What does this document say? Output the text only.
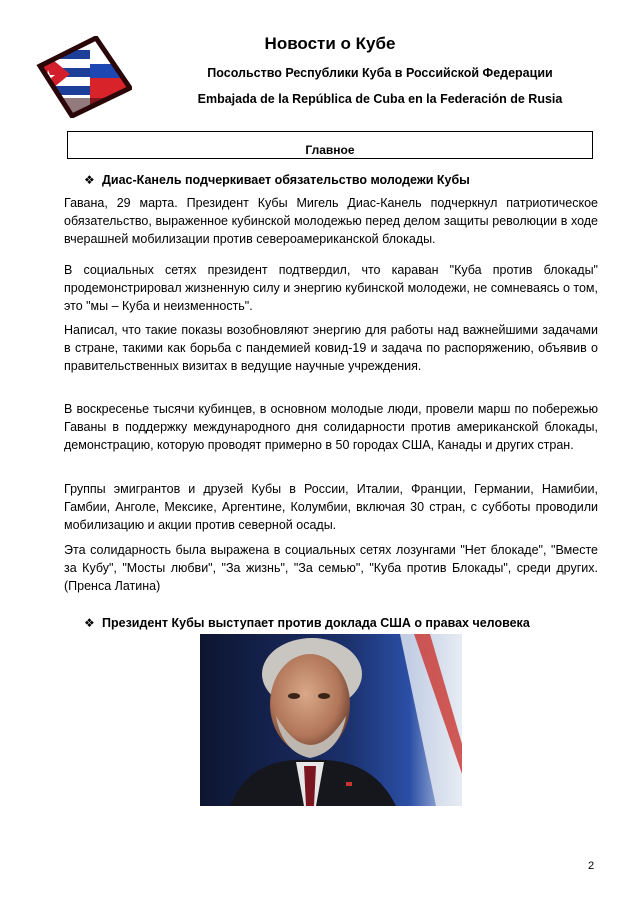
Новости о Кубе
Посольство Республики Куба в Российской Федерации
Embajada de la República de Cuba en la Federación de Rusia
Главное
❖ Диас-Канель подчеркивает обязательство молодежи Кубы

Гавана, 29 марта. Президент Кубы Мигель Диас-Канель подчеркнул патриотическое обязательство, выраженное кубинской молодежью перед делом защиты революции в ходе вчерашней мобилизации против североамериканской блокады.

В социальных сетях президент подтвердил, что караван "Куба против блокады" продемонстрировал жизненную силу и энергию кубинской молодежи, не сомневаясь о том, это "мы – Куба и неизменность".

Написал, что такие показы возобновляют энергию для работы над важнейшими задачами в стране, такими как борьба с пандемией ковид-19 и задача по распоряжению, объявив о правительственных визитах в ведущие научные учреждения.

В воскресенье тысячи кубинцев, в основном молодые люди, провели марш по побережью Гаваны в поддержку международного дня солидарности против американской блокады, демонстрацию, которую проводят примерно в 50 городах США, Канады и других стран.

Группы эмигрантов и друзей Кубы в России, Италии, Франции, Германии, Намибии, Гамбии, Анголе, Мексике, Аргентине, Колумбии, включая 30 стран, с субботы проводили мобилизацию и акции против северной осады.

Эта солидарность была выражена в социальных сетях лозунгами "Нет блокаде", "Вместе за Кубу", "Мосты любви", "За жизнь", "За семью", "Куба против Блокады", среди других. (Пренса Латина)

❖ Президент Кубы выступает против доклада США о правах человека
2
